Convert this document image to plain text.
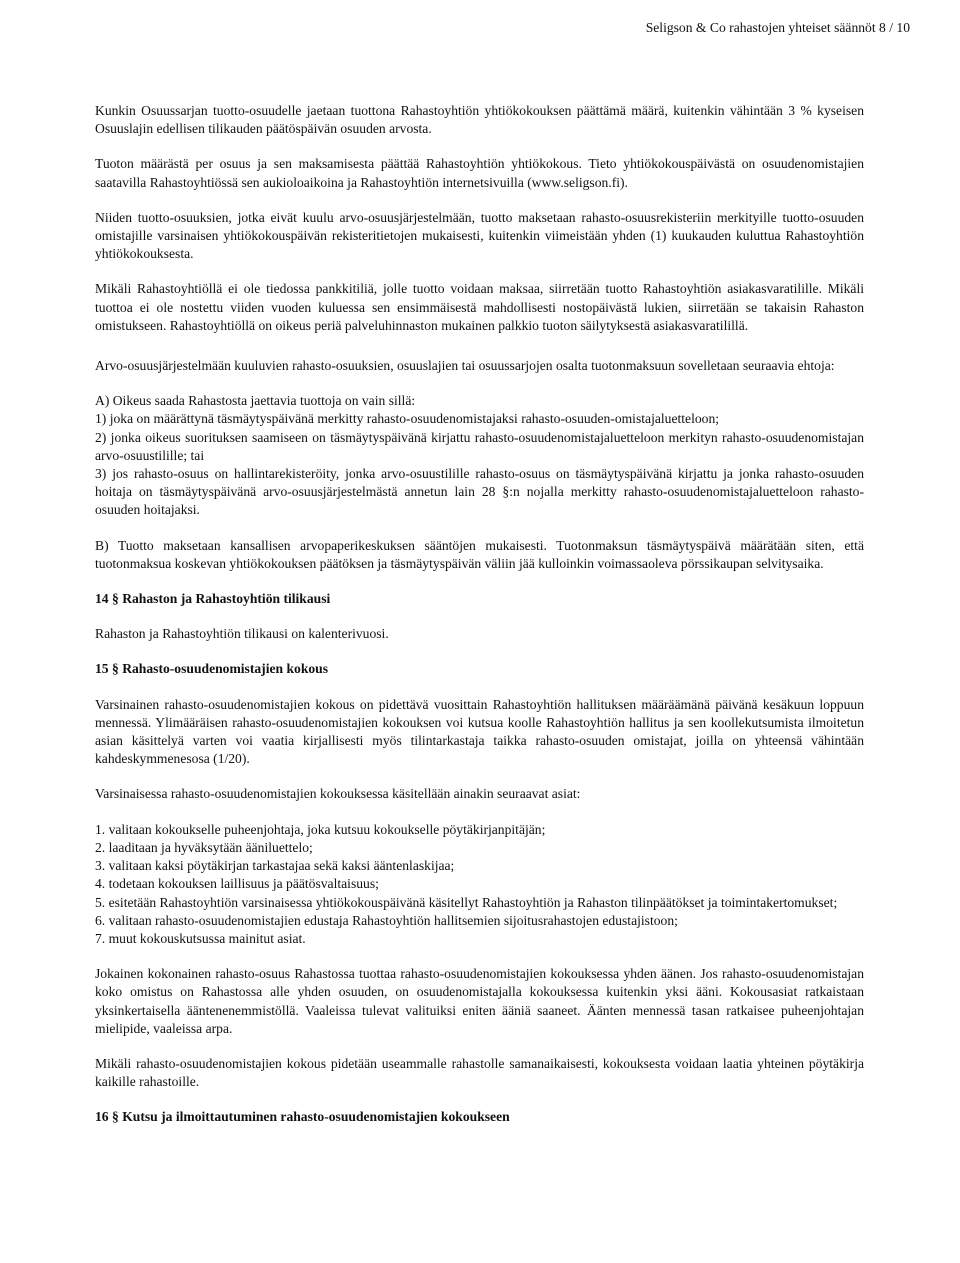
Seligson & Co rahastojen yhteiset säännöt 8 / 10

Kunkin Osuussarjan tuotto-osuudelle jaetaan tuottona Rahastoyhtiön yhtiökokouksen päättämä määrä, kuitenkin vähintään 3 % kyseisen Osuuslajin edellisen tilikauden päätöspäivän osuuden arvosta.

Tuoton määrästä per osuus ja sen maksamisesta päättää Rahastoyhtiön yhtiökokous. Tieto yhtiökokouspäivästä on osuudenomistajien saatavilla Rahastoyhtiössä sen aukioloaikoina ja Rahastoyhtiön internetsivuilla (www.seligson.fi).

Niiden tuotto-osuuksien, jotka eivät kuulu arvo-osuusjärjestelmään, tuotto maksetaan rahasto-osuusrekisteriin merkityille tuotto-osuuden omistajille varsinaisen yhtiökokouspäivän rekisteritietojen mukaisesti, kuitenkin viimeistään yhden (1) kuukauden kuluttua Rahastoyhtiön yhtiökokouksesta.

Mikäli Rahastoyhtiöllä ei ole tiedossa pankkitiliä, jolle tuotto voidaan maksaa, siirretään tuotto Rahastoyhtiön asiakasvaratilille. Mikäli tuottoa ei ole nostettu viiden vuoden kuluessa sen ensimmäisestä mahdollisesti nostopäivästä lukien, siirretään se takaisin Rahaston omistukseen. Rahastoyhtiöllä on oikeus periä palveluhinnaston mukainen palkkio tuoton säilytyksestä asiakasvaratilillä.

Arvo-osuusjärjestelmään kuuluvien rahasto-osuuksien, osuuslajien tai osuussarjojen osalta tuotonmaksuun sovelletaan seuraavia ehtoja:

A) Oikeus saada Rahastosta jaettavia tuottoja on vain sillä:
1) joka on määrättynä täsmäytyspäivänä merkitty rahasto-osuudenomistajaksi rahasto-osuuden-omistajaluetteloon;
2) jonka oikeus suorituksen saamiseen on täsmäytyspäivänä kirjattu rahasto-osuudenomistajaluetteloon merkityn rahasto-osuudenomistajan arvo-osuustilille; tai
3) jos rahasto-osuus on hallintarekisteröity, jonka arvo-osuustilille rahasto-osuus on täsmäytyspäivänä kirjattu ja jonka rahasto-osuuden hoitaja on täsmäytyspäivänä arvo-osuusjärjestelmästä annetun lain 28 §:n nojalla merkitty rahasto-osuudenomistajaluetteloon rahasto-osuuden hoitajaksi.

B) Tuotto maksetaan kansallisen arvopaperikeskuksen sääntöjen mukaisesti. Tuotonmaksun täsmäytyspäivä määrätään siten, että tuotonmaksua koskevan yhtiökokouksen päätöksen ja täsmäytyspäivän väliin jää kulloinkin voimassaoleva pörssikaupan selvitysaika.

14 § Rahaston ja Rahastoyhtiön tilikausi

Rahaston ja Rahastoyhtiön tilikausi on kalenterivuosi.

15 § Rahasto-osuudenomistajien kokous

Varsinainen rahasto-osuudenomistajien kokous on pidettävä vuosittain Rahastoyhtiön hallituksen määräämänä päivänä kesäkuun loppuun mennessä. Ylimääräisen rahasto-osuudenomistajien kokouksen voi kutsua koolle Rahastoyhtiön hallitus ja sen koollekutsumista ilmoitetun asian käsittelyä varten voi vaatia kirjallisesti myös tilintarkastaja taikka rahasto-osuuden omistajat, joilla on yhteensä vähintään kahdeskymmenesosa (1/20).

Varsinaisessa rahasto-osuudenomistajien kokouksessa käsitellään ainakin seuraavat asiat:

1. valitaan kokoukselle puheenjohtaja, joka kutsuu kokoukselle pöytäkirjanpitäjän;
2. laaditaan ja hyväksytään ääniluettelo;
3. valitaan kaksi pöytäkirjan tarkastajaa sekä kaksi ääntenlaskijaa;
4. todetaan kokouksen laillisuus ja päätösvaltaisuus;
5. esitetään Rahastoyhtiön varsinaisessa yhtiökokouspäivänä käsitellyt Rahastoyhtiön ja Rahaston tilinpäätökset ja toimintakertomukset;
6. valitaan rahasto-osuudenomistajien edustaja Rahastoyhtiön hallitsemien sijoitusrahastojen edustajistoon;
7. muut kokouskutsussa mainitut asiat.

Jokainen kokonainen rahasto-osuus Rahastossa tuottaa rahasto-osuudenomistajien kokouksessa yhden äänen. Jos rahasto-osuudenomistajan koko omistus on Rahastossa alle yhden osuuden, on osuudenomistajalla kokouksessa kuitenkin yksi ääni. Kokousasiat ratkaistaan yksinkertaisella ääntenenemmistöllä. Vaaleissa tulevat valituiksi eniten ääniä saaneet. Äänten mennessä tasan ratkaisee puheenjohtajan mielipide, vaaleissa arpa.

Mikäli rahasto-osuudenomistajien kokous pidetään useammalle rahastolle samanaikaisesti, kokouksesta voidaan laatia yhteinen pöytäkirja kaikille rahastoille.

16 § Kutsu ja ilmoittautuminen rahasto-osuudenomistajien kokoukseen
